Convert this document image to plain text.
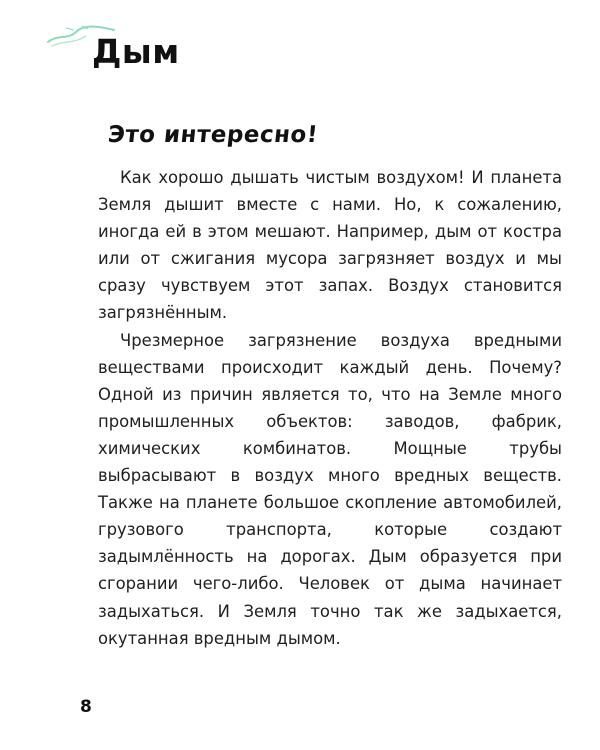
Дым
Это интересно!

Как хорошо дышать чистым воздухом! И планета Земля дышит вместе с нами. Но, к сожалению, иногда ей в этом мешают. Например, дым от костра или от сжигания мусора загрязняет воздух и мы сразу чувствуем этот запах. Воздух становится загрязнённым.

Чрезмерное загрязнение воздуха вредными веществами происходит каждый день. Почему? Одной из причин является то, что на Земле много промышленных объектов: заводов, фабрик, химических комбинатов. Мощные трубы выбрасывают в воздух много вредных веществ. Также на планете большое скопление автомобилей, грузового транспорта, которые создают задымлённость на дорогах. Дым образуется при сгорании чего-либо. Человек от дыма начинает задыхаться. И Земля точно так же задыхается, окутанная вредным дымом.

8
